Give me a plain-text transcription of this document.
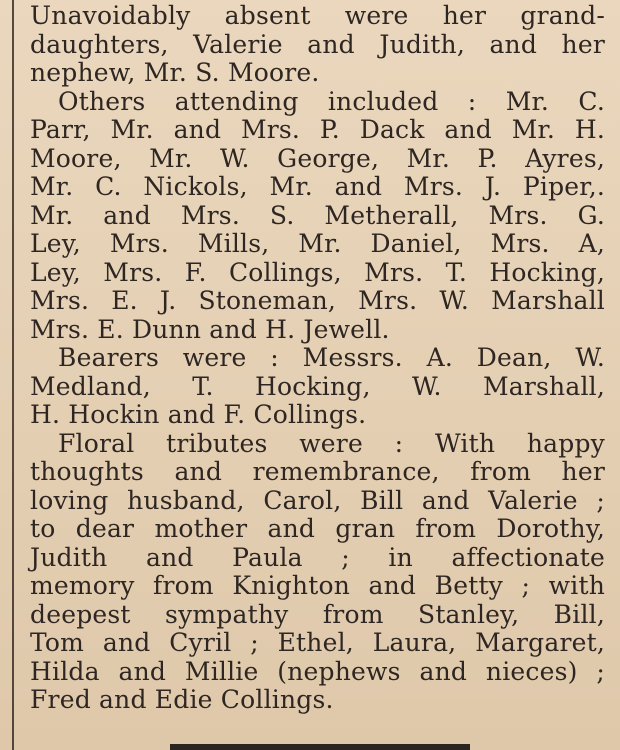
Unavoidably absent were her grand-
daughters, Valerie and Judith, and her
nephew, Mr. S. Moore.
Others attending included : Mr. C.
Parr, Mr. and Mrs. P. Dack and Mr. H.
Moore, Mr. W. George, Mr. P. Ayres,
Mr. C. Nickols, Mr. and Mrs. J. Piper,.
Mr. and Mrs. S. Metherall, Mrs. G.
Ley, Mrs. Mills, Mr. Daniel, Mrs. A,
Ley, Mrs. F. Collings, Mrs. T. Hocking,
Mrs. E. J. Stoneman, Mrs. W. Marshall
Mrs. E. Dunn and H. Jewell.
Bearers were : Messrs. A. Dean, W.
Medland, T. Hocking, W. Marshall,
H. Hockin and F. Collings.
Floral tributes were : With happy
thoughts and remembrance, from her
loving husband, Carol, Bill and Valerie ;
to dear mother and gran from Dorothy,
Judith and Paula ; in affectionate
memory from Knighton and Betty ; with
deepest sympathy from Stanley, Bill,
Tom and Cyril ; Ethel, Laura, Margaret,
Hilda and Millie (nephews and nieces) ;
Fred and Edie Collings.
